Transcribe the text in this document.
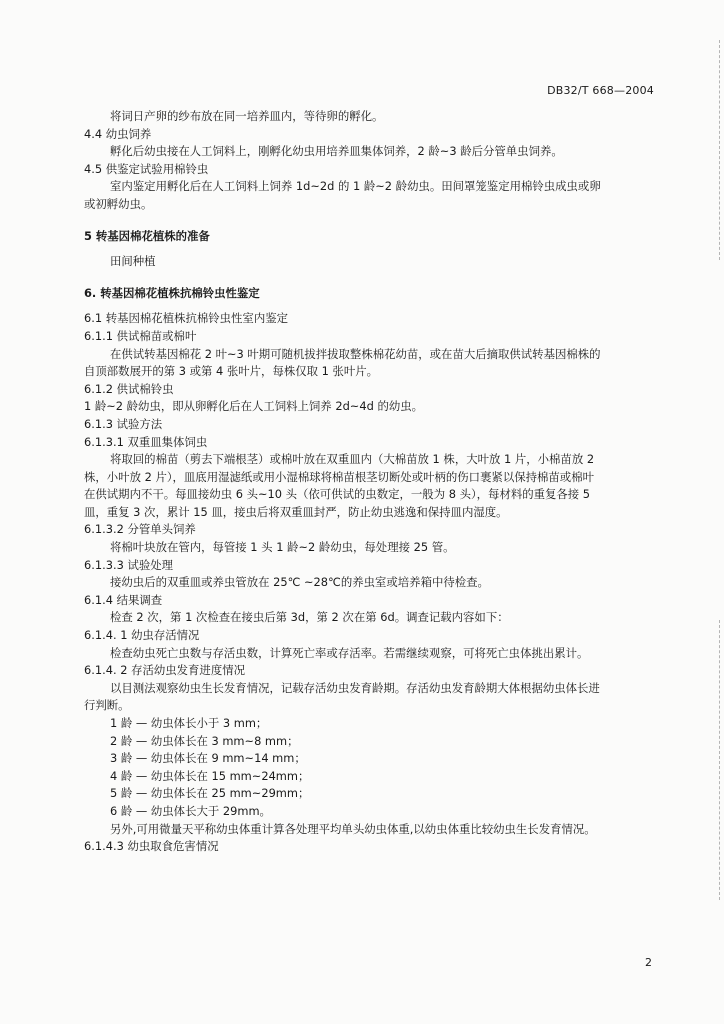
DB32/T 668—2004

将词日产卵的纱布放在同一培养皿内，等待卵的孵化。

4.4 幼虫饲养

孵化后幼虫接在人工饲料上，刚孵化幼虫用培养皿集体饲养，2 龄~3 龄后分管单虫饲养。

4.5 供鉴定试验用棉铃虫

室内鉴定用孵化后在人工饲料上饲养 1d~2d 的 1 龄~2 龄幼虫。田间罩笼鉴定用棉铃虫成虫或卵

或初孵幼虫。

5 转基因棉花植株的准备

田间种植

6. 转基因棉花植株抗棉铃虫性鉴定

6.1 转基因棉花植株抗棉铃虫性室内鉴定

6.1.1 供试棉苗或棉叶

在供试转基因棉花 2 叶~3 叶期可随机拔拌拔取整株棉花幼苗，或在苗大后摘取供试转基因棉株的

自顶部数展开的第 3 或第 4 张叶片，每株仅取 1 张叶片。

6.1.2 供试棉铃虫

1 龄~2 龄幼虫，即从卵孵化后在人工饲料上饲养 2d~4d 的幼虫。

6.1.3 试验方法

6.1.3.1 双重皿集体饲虫

将取回的棉苗（剪去下端根茎）或棉叶放在双重皿内（大棉苗放 1 株，大叶放 1 片，小棉苗放 2

株，小叶放 2 片），皿底用湿滤纸或用小湿棉球将棉苗根茎切断处或叶柄的伤口裹紧以保持棉苗或棉叶

在供试期内不干。每皿接幼虫 6 头~10 头（依可供试的虫数定，一般为 8 头），每材料的重复各接 5

皿，重复 3 次，累计 15 皿，接虫后将双重皿封严，防止幼虫逃逸和保持皿内湿度。

6.1.3.2 分管单头饲养

将棉叶块放在管内，每管接 1 头 1 龄~2 龄幼虫，每处理接 25 管。

6.1.3.3 试验处理

接幼虫后的双重皿或养虫管放在 25℃ ~28℃的养虫室或培养箱中待检查。

6.1.4 结果调查

检查 2 次，第 1 次检查在接虫后第 3d，第 2 次在第 6d。调查记载内容如下：

6.1.4. 1 幼虫存活情况

检查幼虫死亡虫数与存活虫数，计算死亡率或存活率。若需继续观察，可将死亡虫体挑出累计。

6.1.4. 2 存活幼虫发育进度情况

以目测法观察幼虫生长发育情况，记载存活幼虫发育龄期。存活幼虫发育龄期大体根据幼虫体长进

行判断。

1 龄 — 幼虫体长小于 3 mm；

2 龄 — 幼虫体长在 3 mm~8 mm；

3 龄 — 幼虫体长在 9 mm~14 mm；

4 龄 — 幼虫体长在 15 mm~24mm；

5 龄 — 幼虫体长在 25 mm~29mm；

6 龄 — 幼虫体长大于 29mm。

另外,可用微量天平称幼虫体重计算各处理平均单头幼虫体重,以幼虫体重比较幼虫生长发育情况。

6.1.4.3 幼虫取食危害情况

2
